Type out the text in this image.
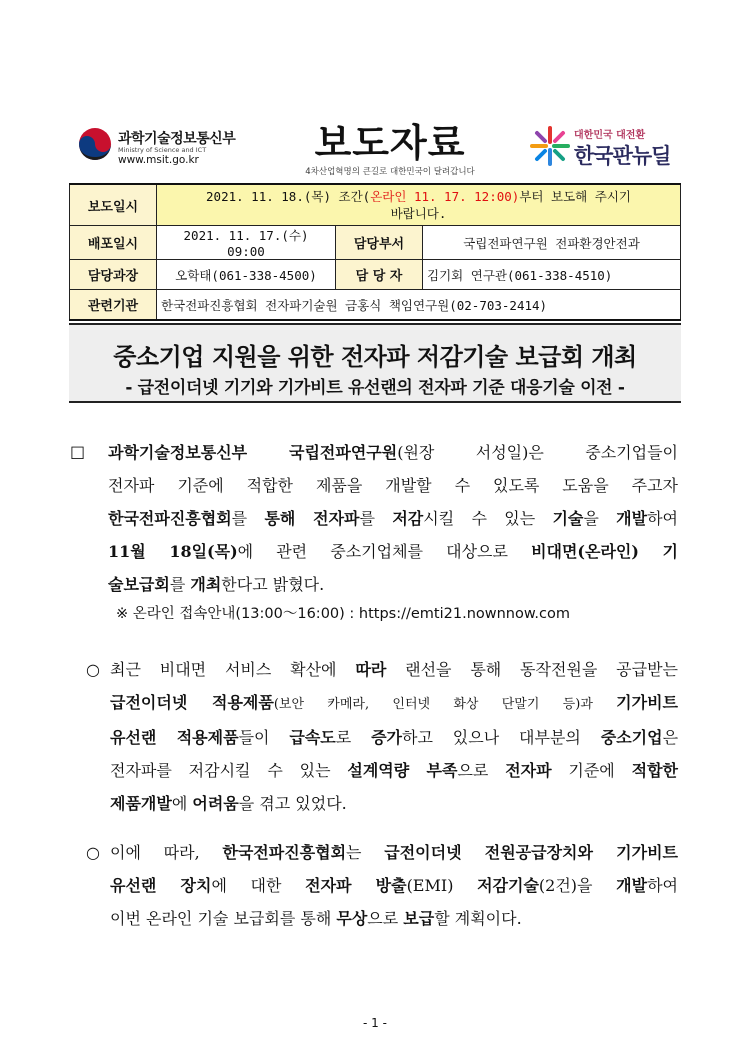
과학기술정보통신부
Ministry of Science and ICT
www.msit.go.kr	보도자료
4차산업혁명의 큰길로 대한민국이 달려갑니다
대한민국 대전환
한국판뉴딜
보도일시	2021. 11. 18.(목) 조간(온라인 11. 17. 12:00)부터 보도해 주시기
바랍니다.		
배포일시	2021. 11. 17.(수) 09:00	담당부서	국립전파연구원 전파환경안전과
담당과장	오학태(061-338-4500)	담 당 자	김기회 연구관(061-338-4510)
관련기관	한국전파진흥협회 전자파기술원 금홍식 책임연구원(02-703-2414)		
중소기업 지원을 위한 전자파 저감기술 보급회 개최
- 급전이더넷 기기와 기가비트 유선랜의 전자파 기준 대응기술 이전 -
□ 과학기술정보통신부 국립전파연구원(원장 서성일)은 중소기업들이
전자파 기준에 적합한 제품을 개발할 수 있도록 도움을 주고자
한국전파진흥협회를 통해 전자파를 저감시킬 수 있는 기술을 개발하여
11월 18일(목)에 관련 중소기업체를 대상으로 비대면(온라인) 기
술보급회를 개최한다고 밝혔다.
※ 온라인 접속안내(13:00～16:00) : https://emti21.nownnow.com
○ 최근 비대면 서비스 확산에 따라 랜선을 통해 동작전원을 공급받는
급전이더넷 적용제품(보안 카메라, 인터넷 화상 단말기 등)과 기가비트
유선랜 적용제품들이 급속도로 증가하고 있으나 대부분의 중소기업은
전자파를 저감시킬 수 있는 설계역량 부족으로 전자파 기준에 적합한
제품개발에 어려움을 겪고 있었다.
○ 이에 따라, 한국전파진흥협회는 급전이더넷 전원공급장치와 기가비트
유선랜 장치에 대한 전자파 방출(EMI) 저감기술(2건)을 개발하여
이번 온라인 기술 보급회를 통해 무상으로 보급할 계획이다.
- 1 -
